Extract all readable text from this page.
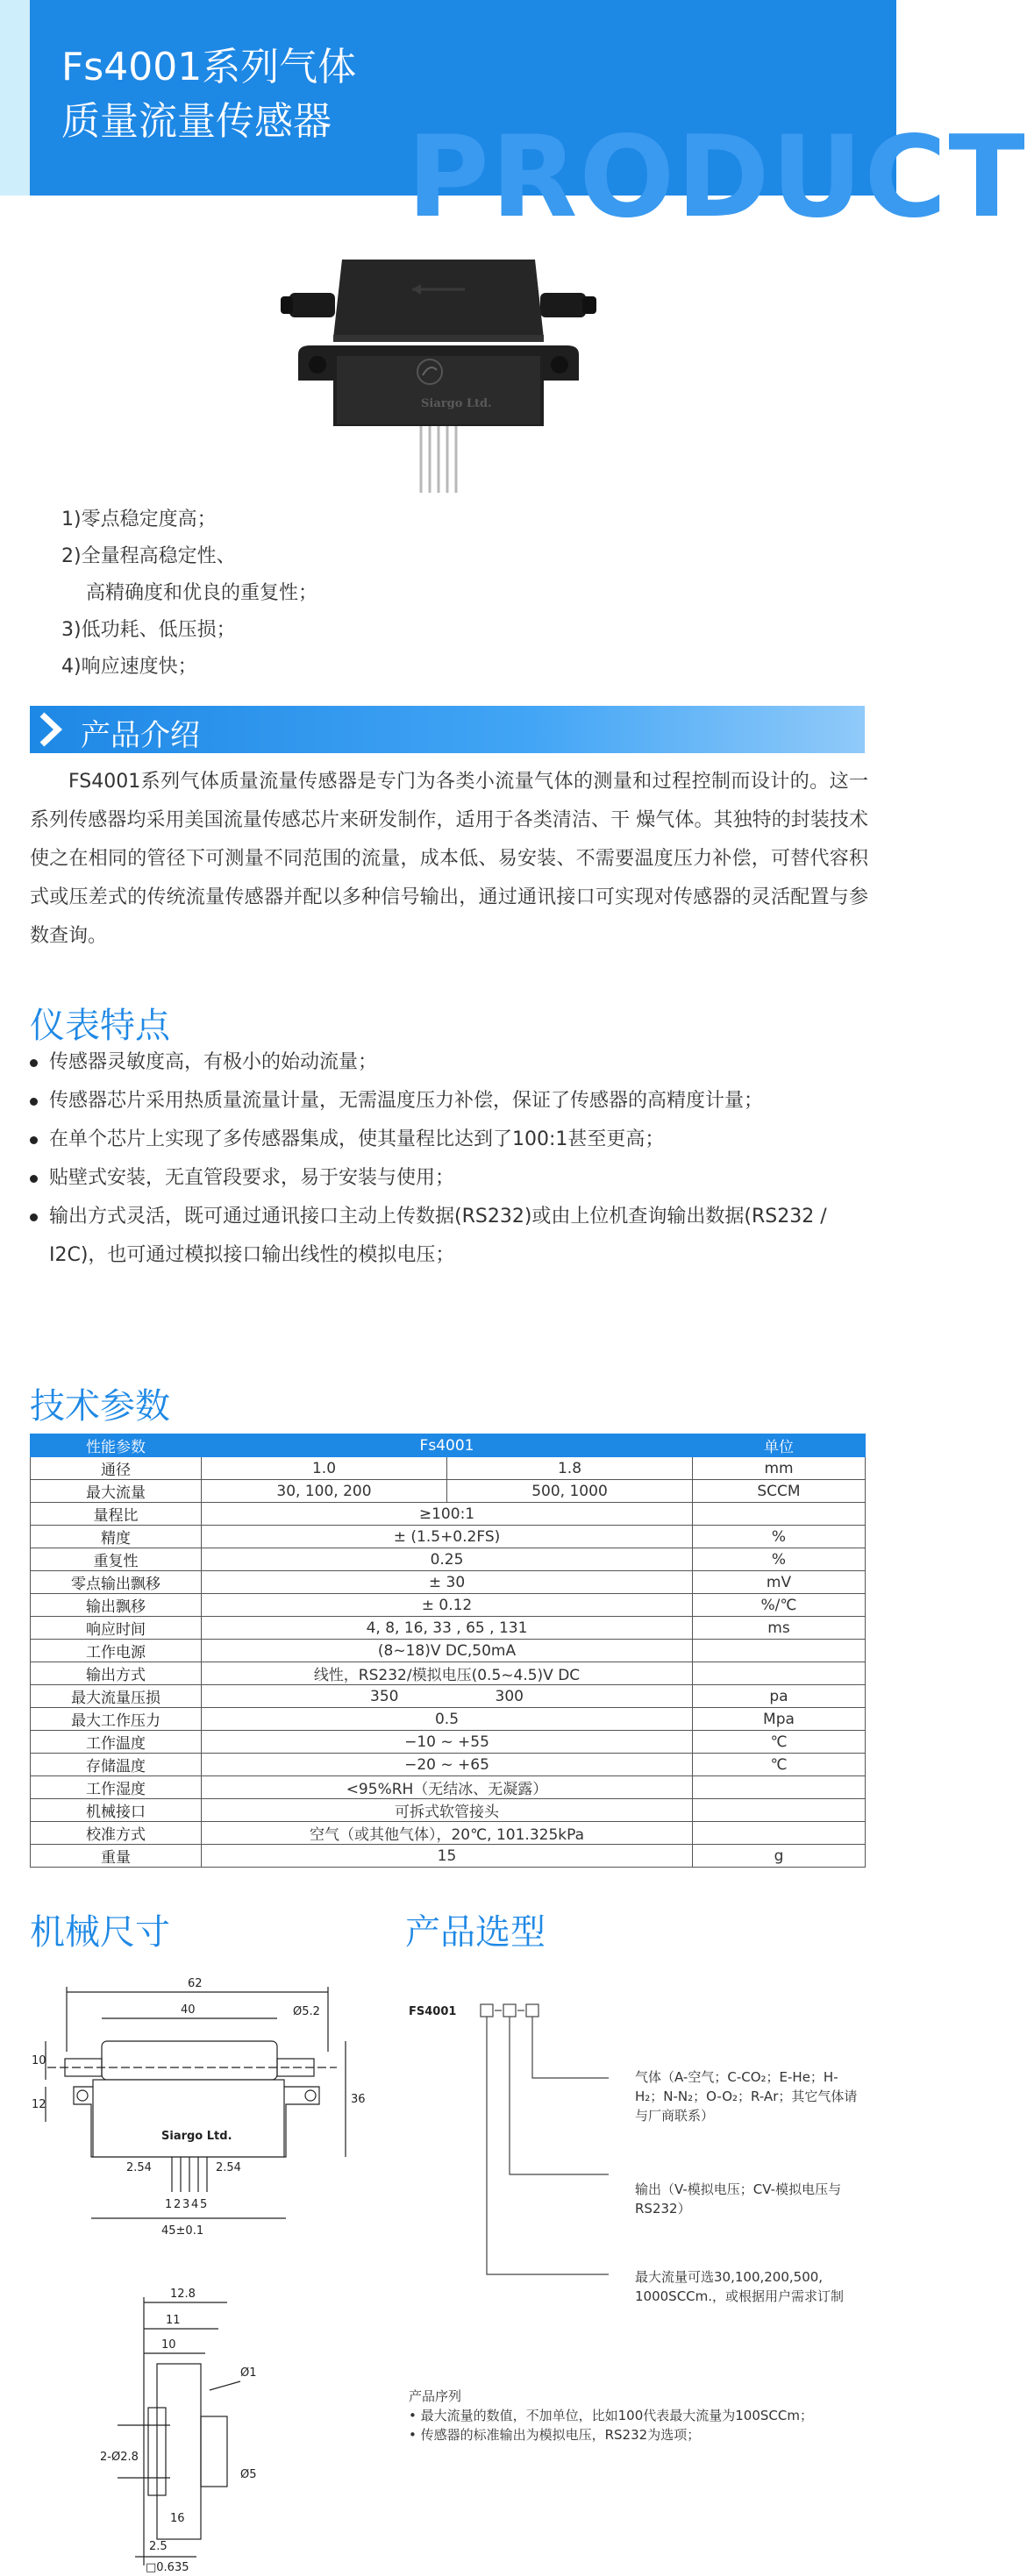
PRODUCT
Fs4001系列气体
质量流量传感器
Siargo Ltd.
1)零点稳定度高；
2)全量程高稳定性、
高精确度和优良的重复性；
3)低功耗、低压损；
4)响应速度快；
产品介绍
FS4001系列气体质量流量传感器是专门为各类小流量气体的测量和过程控制而设计的。这一系列传感器均采用美国流量传感芯片来研发制作，适用于各类清洁、干 燥气体。其独特的封装技术使之在相同的管径下可测量不同范围的流量，成本低、易安装、不需要温度压力补偿，可替代容积式或压差式的传统流量传感器并配以多种信号输出，通过通讯接口可实现对传感器的灵活配置与参数查询。
仪表特点
传感器灵敏度高，有极小的始动流量；
传感器芯片采用热质量流量计量，无需温度压力补偿，保证了传感器的高精度计量；
在单个芯片上实现了多传感器集成，使其量程比达到了100:1甚至更高；
贴壁式安装，无直管段要求，易于安装与使用；
输出方式灵活，既可通过通讯接口主动上传数据(RS232)或由上位机查询输出数据(RS232 / I2C)，也可通过模拟接口输出线性的模拟电压；
技术参数
性能参数	Fs4001		单位
通径	1.0	1.8	mm
最大流量	30, 100, 200	500, 1000	SCCM
量程比	≥100:1		
精度	± (1.5+0.2FS)		%
重复性	0.25		%
零点输出飘移	± 30		mV
输出飘移	± 0.12		%/℃
响应时间	4, 8, 16, 33 , 65 , 131		ms
工作电源	(8~18)V DC,50mA		
输出方式	线性，RS232/模拟电压(0.5~4.5)V DC		
最大流量压损	350 300		pa
最大工作压力	0.5		Mpa
工作温度	−10 ~ +55		℃
存储温度	−20 ~ +65		℃
工作湿度	<95%RH（无结冰、无凝露）		
机械接口	可拆式软管接头		
校准方式	空气（或其他气体），20℃, 101.325kPa		
重量	15		g
机械尺寸
62
40	Ø5.2
10
36
12
2.54	2.54
45±0.1
1 2 3 4 5
Siargo Ltd.
12.8
11
10
Ø1
2-Ø2.8
Ø5
16
2.5
□0.635
产品选型
FS4001
气体（A-空气；C-CO₂；E-He；H-H₂；N-N₂；O-O₂；R-Ar；其它气体请与厂商联系）
输出（V-模拟电压；CV-模拟电压与RS232）
最大流量可选30,100,200,500, 1000SCCm.，或根据用户需求订制
产品序列
• 最大流量的数值，不加单位，比如100代表最大流量为100SCCm；
• 传感器的标准输出为模拟电压，RS232为选项；
